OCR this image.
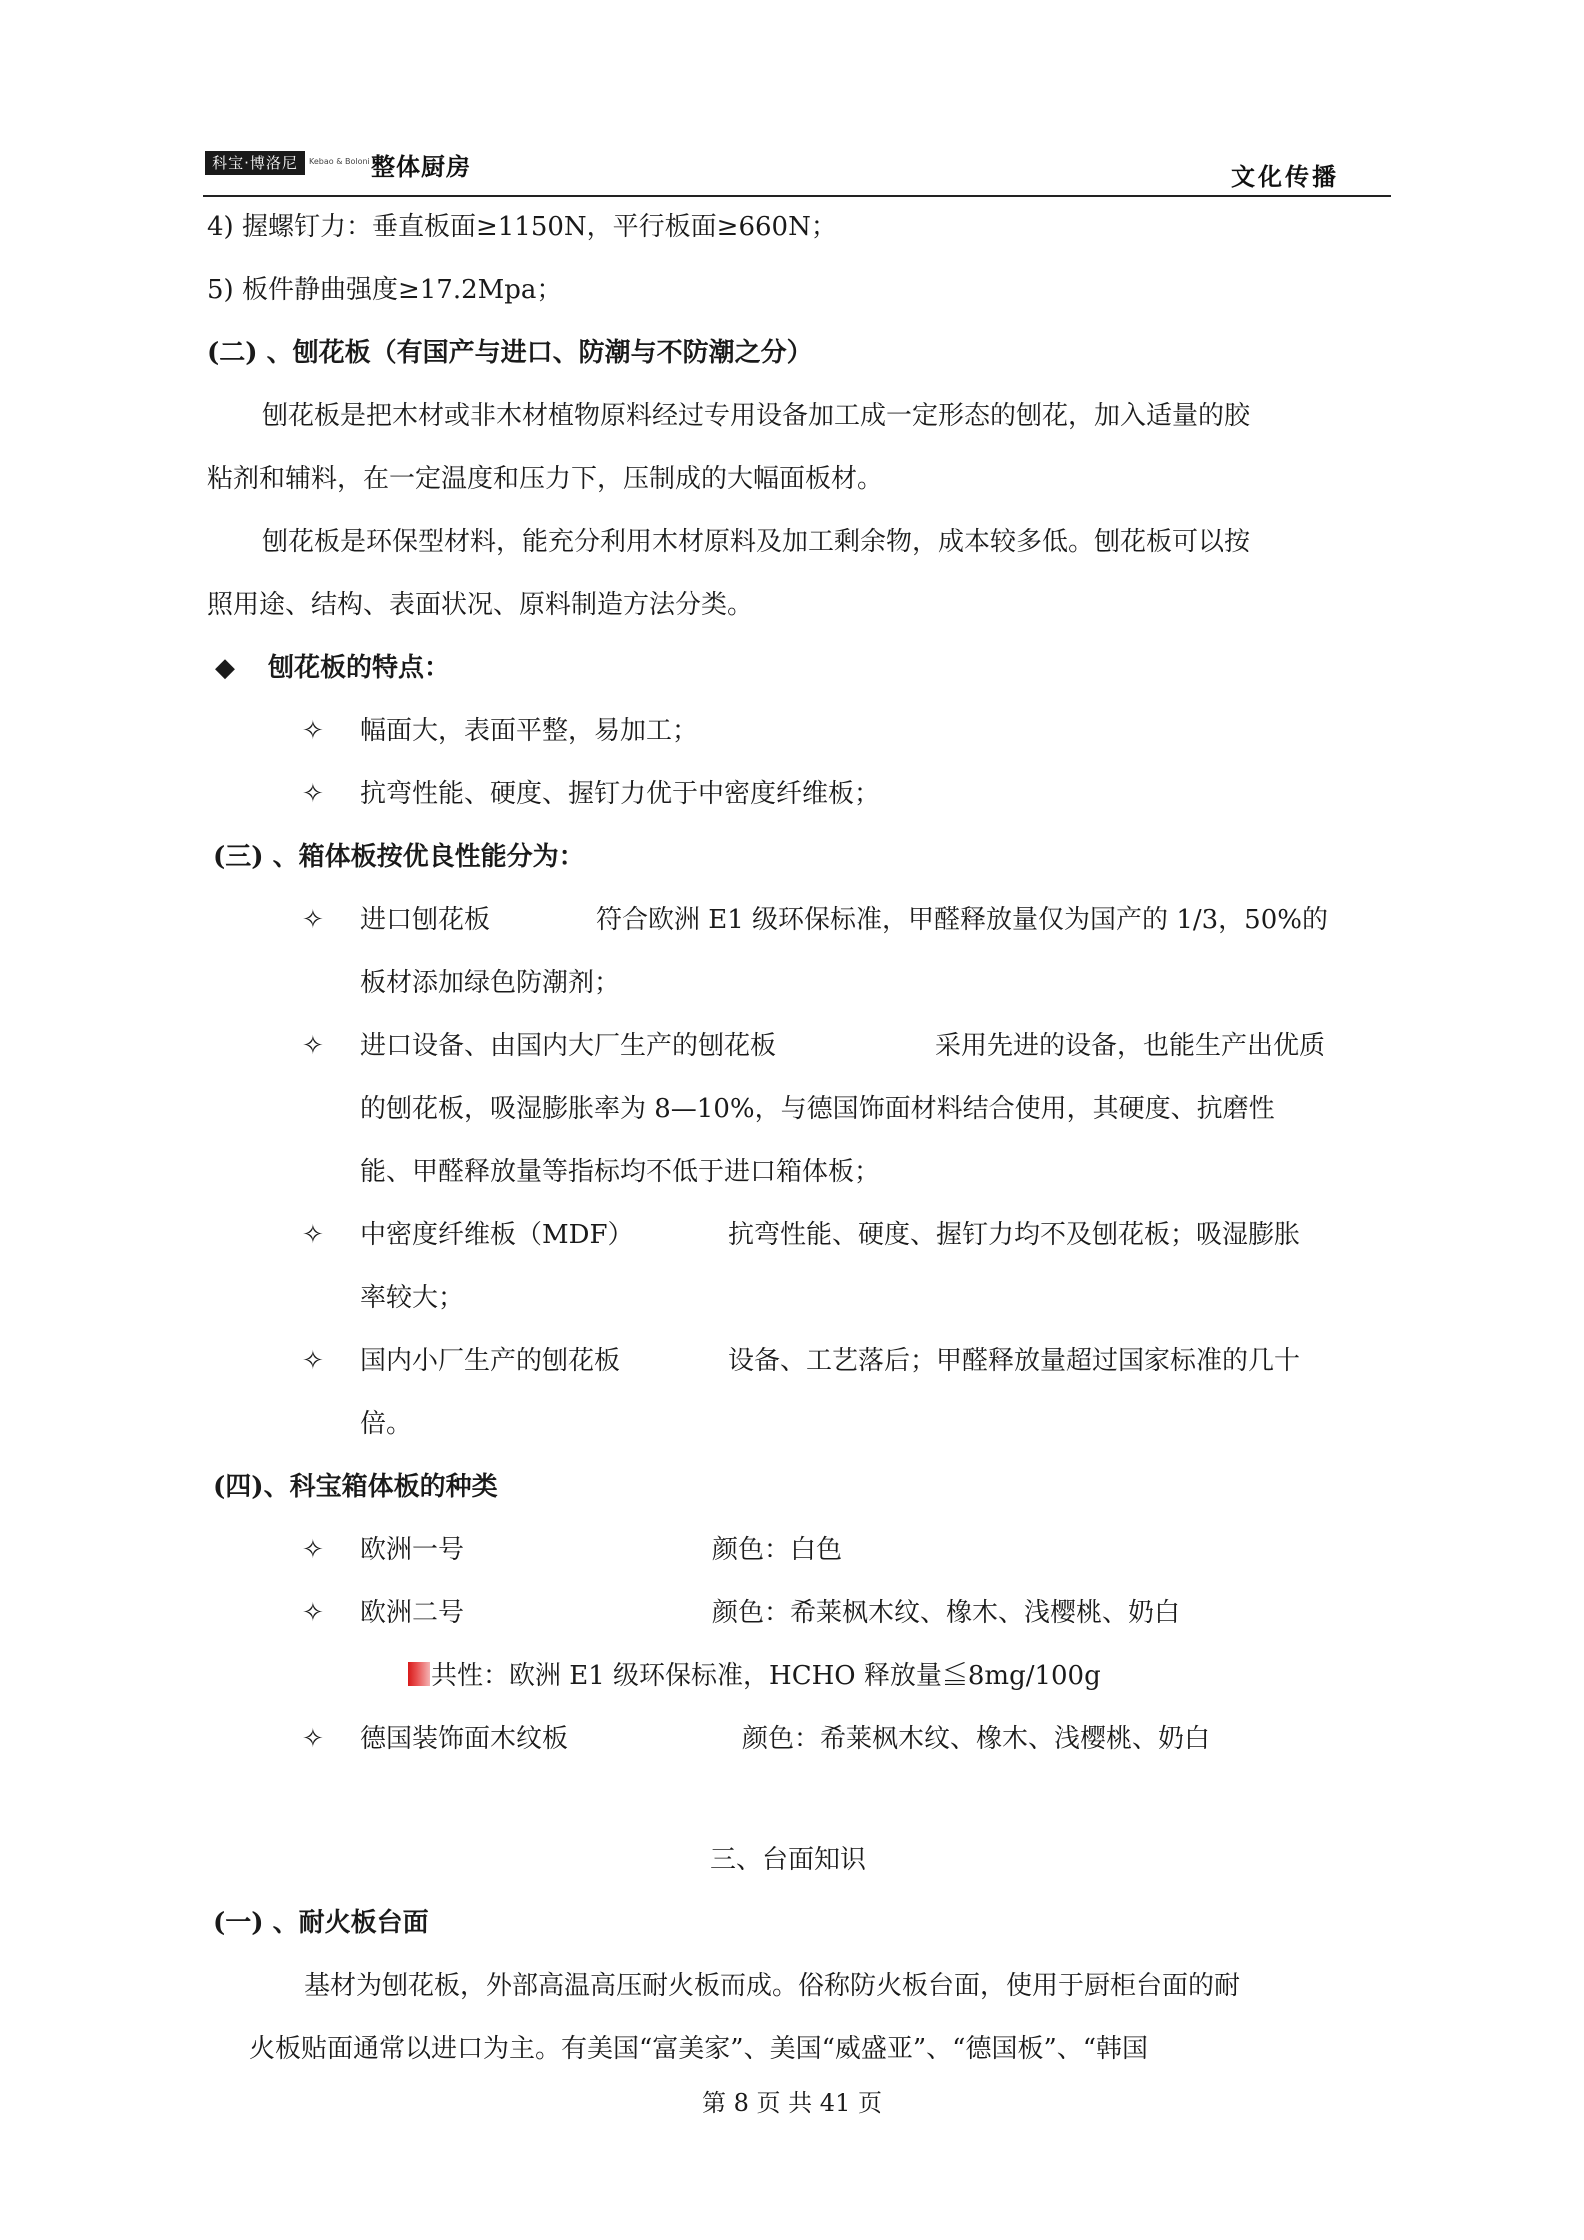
科宝·博洛尼	Kebao & Boloni 整体厨房	文化传播
4) 握螺钉力：垂直板面≥1150N，平行板面≥660N；
5) 板件静曲强度≥17.2Mpa；
(二) 、刨花板（有国产与进口、防潮与不防潮之分）
刨花板是把木材或非木材植物原料经过专用设备加工成一定形态的刨花，加入适量的胶
粘剂和辅料，在一定温度和压力下，压制成的大幅面板材。
刨花板是环保型材料，能充分利用木材原料及加工剩余物，成本较多低。刨花板可以按
照用途、结构、表面状况、原料制造方法分类。
◆ 刨花板的特点：
✧ 幅面大，表面平整，易加工；
✧ 抗弯性能、硬度、握钉力优于中密度纤维板；
(三) 、箱体板按优良性能分为：
✧ 进口刨花板	符合欧洲 E1 级环保标准，甲醛释放量仅为国产的 1/3，50%的
板材添加绿色防潮剂；
✧ 进口设备、由国内大厂生产的刨花板	采用先进的设备，也能生产出优质
的刨花板，吸湿膨胀率为 8—10%，与德国饰面材料结合使用，其硬度、抗磨性
能、甲醛释放量等指标均不低于进口箱体板；
✧ 中密度纤维板（MDF）	抗弯性能、硬度、握钉力均不及刨花板；吸湿膨胀
率较大；
✧ 国内小厂生产的刨花板	设备、工艺落后；甲醛释放量超过国家标准的几十
倍。
(四)、科宝箱体板的种类
✧ 欧洲一号	颜色：白色
✧ 欧洲二号	颜色：希莱枫木纹、橡木、浅樱桃、奶白
共性：欧洲 E1 级环保标准，HCHO 释放量≦8mg/100g
✧ 德国装饰面木纹板	颜色：希莱枫木纹、橡木、浅樱桃、奶白
三、台面知识
(一) 、耐火板台面
基材为刨花板，外部高温高压耐火板而成。俗称防火板台面，使用于厨柜台面的耐
火板贴面通常以进口为主。有美国“富美家”、美国“威盛亚”、“德国板”、“韩国
第 8 页 共 41 页
